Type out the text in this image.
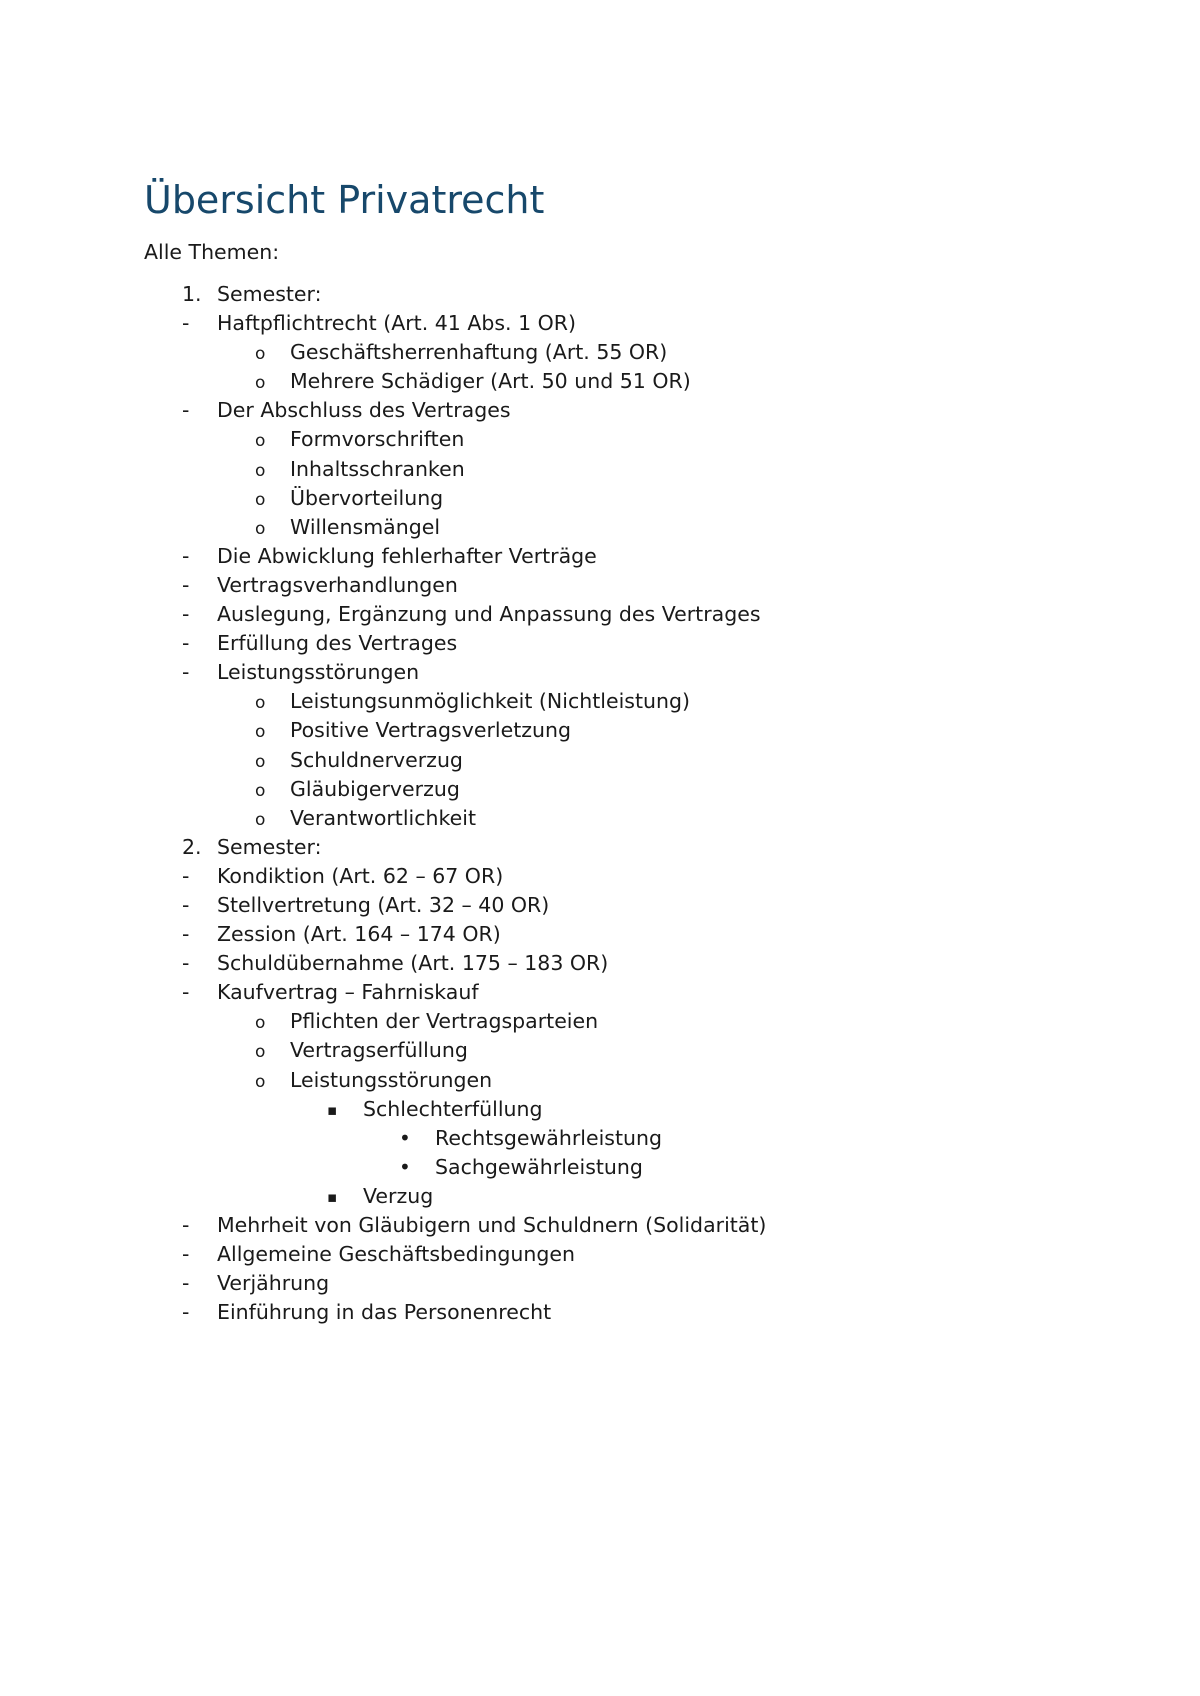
Übersicht Privatrecht

Alle Themen:

1. Semester:
- Haftpflichtrecht (Art. 41 Abs. 1 OR)
o Geschäftsherrenhaftung (Art. 55 OR)
o Mehrere Schädiger (Art. 50 und 51 OR)
- Der Abschluss des Vertrages
o Formvorschriften
o Inhaltsschranken
o Übervorteilung
o Willensmängel
- Die Abwicklung fehlerhafter Verträge
- Vertragsverhandlungen
- Auslegung, Ergänzung und Anpassung des Vertrages
- Erfüllung des Vertrages
- Leistungsstörungen
o Leistungsunmöglichkeit (Nichtleistung)
o Positive Vertragsverletzung
o Schuldnerverzug
o Gläubigerverzug
o Verantwortlichkeit
2. Semester:
- Kondiktion (Art. 62 – 67 OR)
- Stellvertretung (Art. 32 – 40 OR)
- Zession (Art. 164 – 174 OR)
- Schuldübernahme (Art. 175 – 183 OR)
- Kaufvertrag – Fahrniskauf
o Pflichten der Vertragsparteien
o Vertragserfüllung
o Leistungsstörungen
▪ Schlechterfüllung
• Rechtsgewährleistung
• Sachgewährleistung
▪ Verzug
- Mehrheit von Gläubigern und Schuldnern (Solidarität)
- Allgemeine Geschäftsbedingungen
- Verjährung
- Einführung in das Personenrecht
